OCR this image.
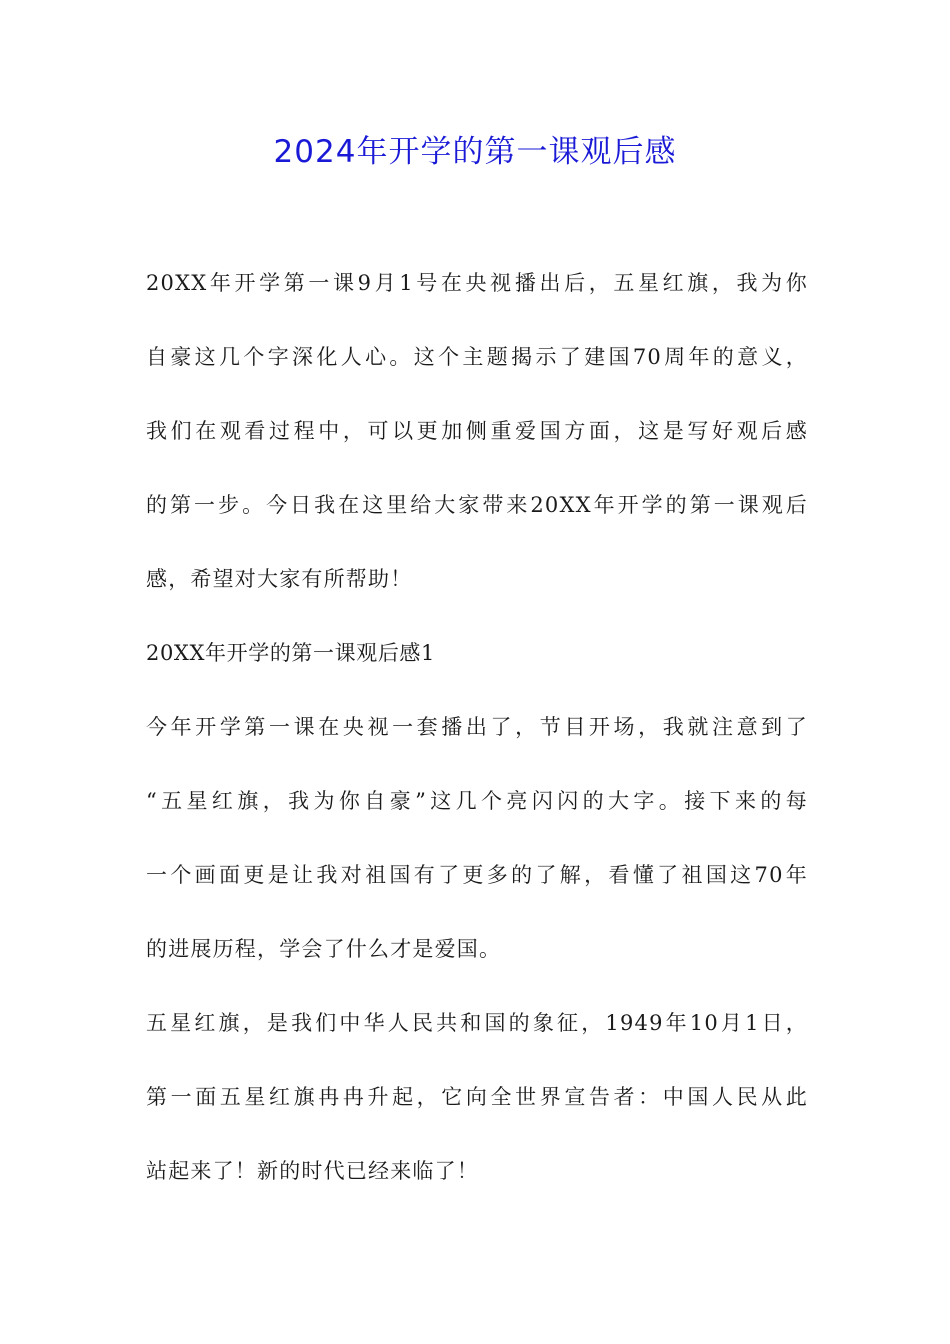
2024年开学的第一课观后感
20XX年开学第一课9月1号在央视播出后，五星红旗，我为你
自豪这几个字深化人心。这个主题揭示了建国70周年的意义，
我们在观看过程中，可以更加侧重爱国方面，这是写好观后感
的第一步。今日我在这里给大家带来20XX年开学的第一课观后
感，希望对大家有所帮助！
20XX年开学的第一课观后感1
今年开学第一课在央视一套播出了，节目开场，我就注意到了
“五星红旗，我为你自豪”这几个亮闪闪的大字。接下来的每
一个画面更是让我对祖国有了更多的了解，看懂了祖国这70年
的进展历程，学会了什么才是爱国。
五星红旗，是我们中华人民共和国的象征，1949年10月1日，
第一面五星红旗冉冉升起，它向全世界宣告者：中国人民从此
站起来了！新的时代已经来临了！
